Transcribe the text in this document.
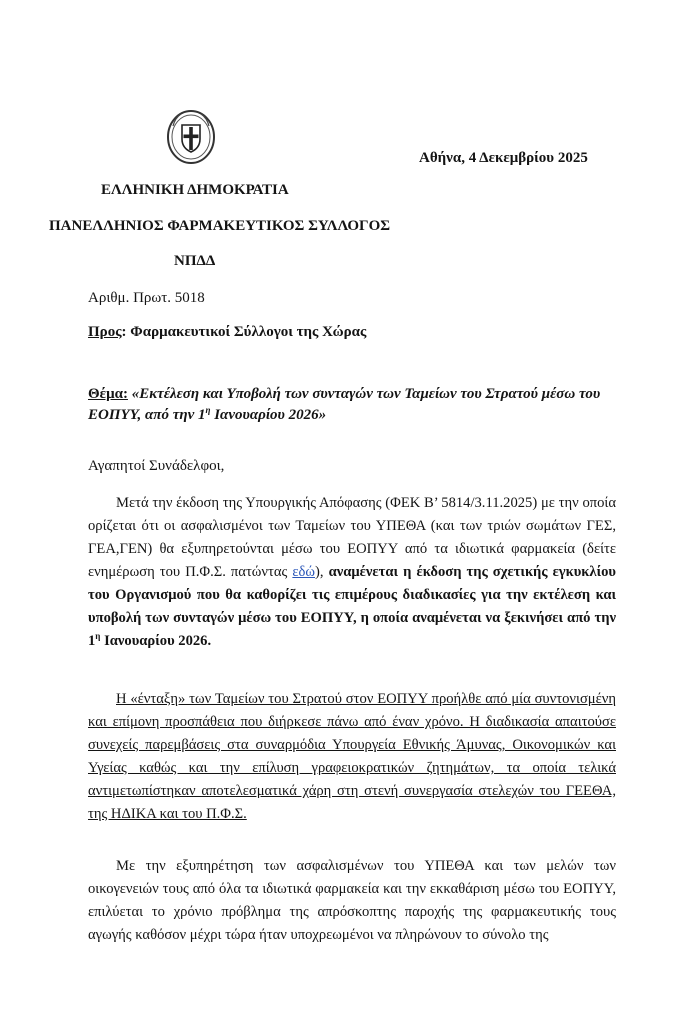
Αθήνα, 4 Δεκεμβρίου 2025
ΕΛΛΗΝΙΚΗ ΔΗΜΟΚΡΑΤΙΑ
ΠΑΝΕΛΛΗΝΙΟΣ ΦΑΡΜΑΚΕΥΤΙΚΟΣ ΣΥΛΛΟΓΟΣ
ΝΠΔΔ
Αριθμ. Πρωτ. 5018
Προς: Φαρμακευτικοί Σύλλογοι της Χώρας
Θέμα: «Εκτέλεση και Υποβολή των συνταγών των Ταμείων του Στρατού μέσω του ΕΟΠΥΥ, από την $1^\eta$ Ιανουαρίου 2026»
Αγαπητοί Συνάδελφοι,
Μετά την έκδοση της Υπουργικής Απόφασης (ΦΕΚ Β’ 5814/3.11.2025) με την οποία ορίζεται ότι οι ασφαλισμένοι των Ταμείων του ΥΠΕΘΑ (και των τριών σωμάτων ΓΕΣ, ΓΕΑ,ΓΕΝ) θα εξυπηρετούνται μέσω του ΕΟΠΥΥ από τα ιδιωτικά φαρμακεία (δείτε ενημέρωση του Π.Φ.Σ. πατώντας εδώ), αναμένεται η έκδοση της σχετικής εγκυκλίου του Οργανισμού που θα καθορίζει τις επιμέρους διαδικασίες για την εκτέλεση και υποβολή των συνταγών μέσω του ΕΟΠΥΥ, η οποία αναμένεται να ξεκινήσει από την $1^\eta$ Ιανουαρίου 2026.
Η «ένταξη» των Ταμείων του Στρατού στον ΕΟΠΥΥ προήλθε από μία συντονισμένη και επίμονη προσπάθεια που διήρκεσε πάνω από έναν χρόνο. Η διαδικασία απαιτούσε συνεχείς παρεμβάσεις στα συναρμόδια Υπουργεία Εθνικής Άμυνας, Οικονομικών και Υγείας καθώς και την επίλυση γραφειοκρατικών ζητημάτων, τα οποία τελικά αντιμετωπίστηκαν αποτελεσματικά χάρη στη στενή συνεργασία στελεχών του ΓΕΕΘΑ, της ΗΔΙΚΑ και του Π.Φ.Σ.
Με την εξυπηρέτηση των ασφαλισμένων του ΥΠΕΘΑ και των μελών των οικογενειών τους από όλα τα ιδιωτικά φαρμακεία και την εκκαθάριση μέσω του ΕΟΠΥΥ, επιλύεται το χρόνιο πρόβλημα της απρόσκοπτης παροχής της φαρμακευτικής τους αγωγής καθόσον μέχρι τώρα ήταν υποχρεωμένοι να πληρώνουν το σύνολο της
